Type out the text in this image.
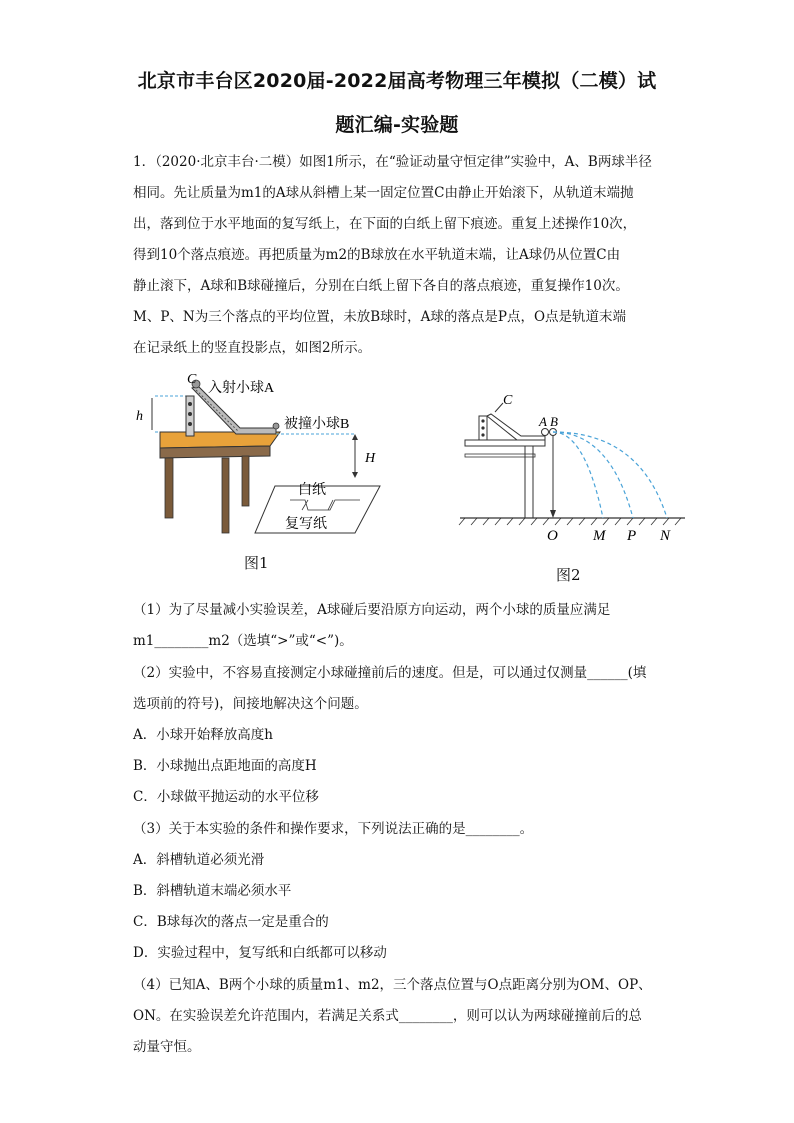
北京市丰台区2020届-2022届高考物理三年模拟（二模）试
题汇编-实验题
1．（2020·北京丰台·二模）如图1所示，在“验证动量守恒定律”实验中，A、B两球半径
相同。先让质量为m1的A球从斜槽上某一固定位置C由静止开始滚下，从轨道末端抛
出，落到位于水平地面的复写纸上，在下面的白纸上留下痕迹。重复上述操作10次，
得到10个落点痕迹。再把质量为m2的B球放在水平轨道末端，让A球仍从位置C由
静止滚下，A球和B球碰撞后，分别在白纸上留下各自的落点痕迹，重复操作10次。
M、P、N为三个落点的平均位置，未放B球时，A球的落点是P点，O点是轨道末端
在记录纸上的竖直投影点，如图2所示。
C
入射小球A
h
被撞小球B
H
白纸
复写纸
图1
C
A B
O M P N
图2
（1）为了尽量减小实验误差，A球碰后要沿原方向运动，两个小球的质量应满足
m1________m2（选填“>”或“<”)。
（2）实验中，不容易直接测定小球碰撞前后的速度。但是，可以通过仅测量______(填
选项前的符号)，间接地解决这个问题。
A．小球开始释放高度h
B．小球抛出点距地面的高度H
C．小球做平抛运动的水平位移
（3）关于本实验的条件和操作要求，下列说法正确的是________。
A．斜槽轨道必须光滑
B．斜槽轨道末端必须水平
C．B球每次的落点一定是重合的
D．实验过程中，复写纸和白纸都可以移动
（4）已知A、B两个小球的质量m1、m2，三个落点位置与O点距离分别为OM、OP、
ON。在实验误差允许范围内，若满足关系式________，则可以认为两球碰撞前后的总
动量守恒。
